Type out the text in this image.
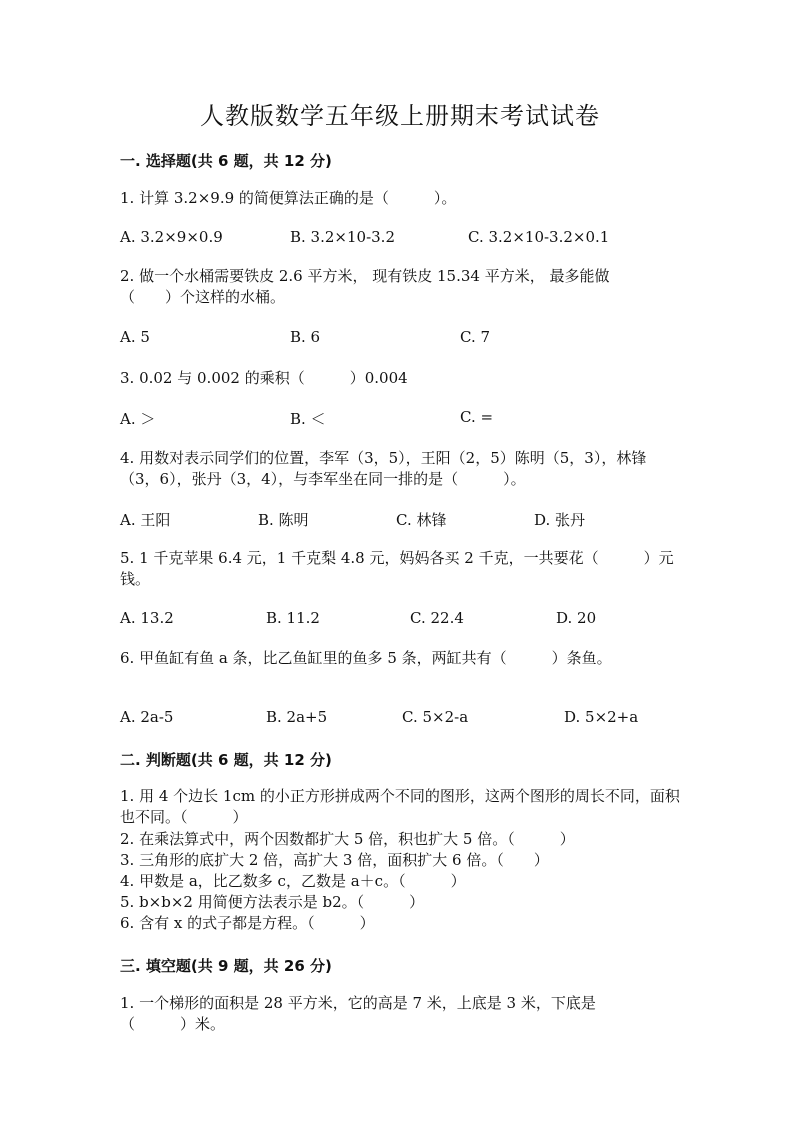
人教版数学五年级上册期末考试试卷
一. 选择题(共 6 题，共 12 分)
1. 计算 3.2×9.9 的简便算法正确的是（　　　）。
A. 3.2×9×0.9	B. 3.2×10-3.2	C. 3.2×10-3.2×0.1
2. 做一个水桶需要铁皮 2.6 平方米， 现有铁皮 15.34 平方米， 最多能做（　　）个这样的水桶。
A. 5	B. 6	C. 7
3. 0.02 与 0.002 的乘积（　　　）0.004
A. ＞	B. ＜	C. =
4. 用数对表示同学们的位置，李军（3，5），王阳（2，5）陈明（5，3），林锋（3，6），张丹（3，4），与李军坐在同一排的是（　　　）。
A. 王阳	B. 陈明	C. 林锋	D. 张丹
5. 1 千克苹果 6.4 元，1 千克梨 4.8 元，妈妈各买 2 千克，一共要花（　　　）元钱。
A. 13.2	B. 11.2	C. 22.4	D. 20
6. 甲鱼缸有鱼 a 条，比乙鱼缸里的鱼多 5 条，两缸共有（　　　）条鱼。
A. 2a-5	B. 2a+5	C. 5×2-a	D. 5×2+a
二. 判断题(共 6 题，共 12 分)
1. 用 4 个边长 1cm 的小正方形拼成两个不同的图形，这两个图形的周长不同，面积也不同。（　　　）
2. 在乘法算式中，两个因数都扩大 5 倍，积也扩大 5 倍。（　　　）
3. 三角形的底扩大 2 倍，高扩大 3 倍，面积扩大 6 倍。（　　）
4. 甲数是 a，比乙数多 c，乙数是 a＋c。（　　　）
5. b×b×2 用简便方法表示是 b2。（　　　）
6. 含有 x 的式子都是方程。（　　　）
三. 填空题(共 9 题，共 26 分)
1. 一个梯形的面积是 28 平方米，它的高是 7 米，上底是 3 米，下底是（　　　）米。
